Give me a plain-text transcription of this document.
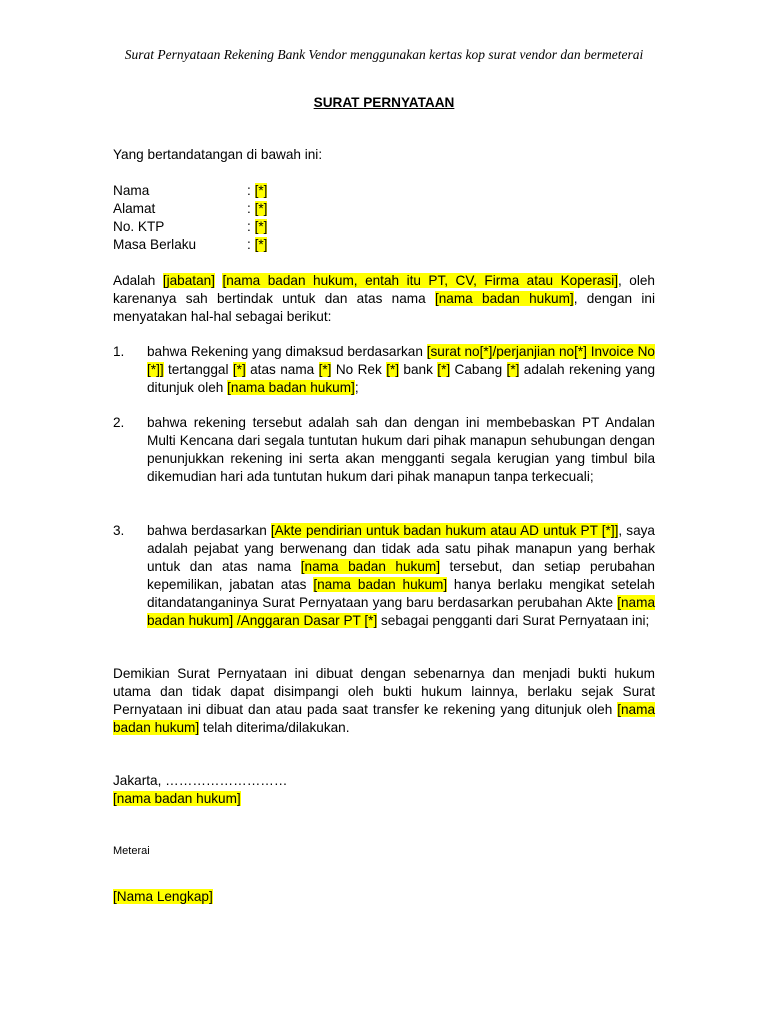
Surat Pernyataan Rekening Bank Vendor menggunakan kertas kop surat vendor dan bermeterai
SURAT PERNYATAAN
Yang bertandatangan di bawah ini:
Nama	: [*]
Alamat	: [*]
No. KTP	: [*]
Masa Berlaku	: [*]
Adalah [jabatan] [nama badan hukum, entah itu PT, CV, Firma atau Koperasi], oleh karenanya sah bertindak untuk dan atas nama [nama badan hukum], dengan ini menyatakan hal-hal sebagai berikut:
1.	bahwa Rekening yang dimaksud berdasarkan [surat no[*]/perjanjian no[*] Invoice No [*]] tertanggal [*] atas nama [*] No Rek [*] bank [*] Cabang [*] adalah rekening yang ditunjuk oleh [nama badan hukum];
2.	bahwa rekening tersebut adalah sah dan dengan ini membebaskan PT Andalan Multi Kencana dari segala tuntutan hukum dari pihak manapun sehubungan dengan penunjukkan rekening ini serta akan mengganti segala kerugian yang timbul bila dikemudian hari ada tuntutan hukum dari pihak manapun tanpa terkecuali;
3.	bahwa berdasarkan [Akte pendirian untuk badan hukum atau AD untuk PT [*]], saya adalah pejabat yang berwenang dan tidak ada satu pihak manapun yang berhak untuk dan atas nama [nama badan hukum] tersebut, dan setiap perubahan kepemilikan, jabatan atas [nama badan hukum] hanya berlaku mengikat setelah ditandatanganinya Surat Pernyataan yang baru berdasarkan perubahan Akte [nama badan hukum] /Anggaran Dasar PT [*] sebagai pengganti dari Surat Pernyataan ini;
Demikian Surat Pernyataan ini dibuat dengan sebenarnya dan menjadi bukti hukum utama dan tidak dapat disimpangi oleh bukti hukum lainnya, berlaku sejak Surat Pernyataan ini dibuat dan atau pada saat transfer ke rekening yang ditunjuk oleh [nama badan hukum] telah diterima/dilakukan.
Jakarta, ………………………
[nama badan hukum]
Meterai
[Nama Lengkap]
